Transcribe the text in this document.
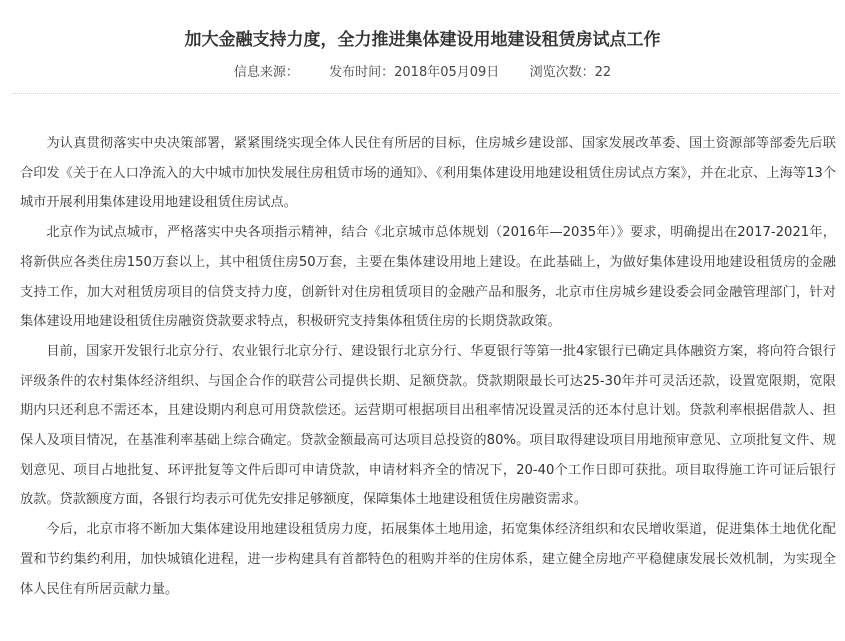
加大金融支持力度，全力推进集体建设用地建设租赁房试点工作
信息来源： 发布时间：2018年05月09日 浏览次数：22

为认真贯彻落实中央决策部署，紧紧围绕实现全体人民住有所居的目标，住房城乡建设部、国家发展改革委、国土资源部等部委先后联合印发《关于在人口净流入的大中城市加快发展住房租赁市场的通知》、《利用集体建设用地建设租赁住房试点方案》，并在北京、上海等13个城市开展利用集体建设用地建设租赁住房试点。

北京作为试点城市，严格落实中央各项指示精神，结合《北京城市总体规划（2016年—2035年）》要求，明确提出在2017-2021年，将新供应各类住房150万套以上，其中租赁住房50万套，主要在集体建设用地上建设。在此基础上，为做好集体建设用地建设租赁房的金融支持工作，加大对租赁房项目的信贷支持力度，创新针对住房租赁项目的金融产品和服务，北京市住房城乡建设委会同金融管理部门，针对集体建设用地建设租赁住房融资贷款要求特点，积极研究支持集体租赁住房的长期贷款政策。

目前，国家开发银行北京分行、农业银行北京分行、建设银行北京分行、华夏银行等第一批4家银行已确定具体融资方案，将向符合银行评级条件的农村集体经济组织、与国企合作的联营公司提供长期、足额贷款。贷款期限最长可达25-30年并可灵活还款，设置宽限期，宽限期内只还利息不需还本，且建设期内利息可用贷款偿还。运营期可根据项目出租率情况设置灵活的还本付息计划。贷款利率根据借款人、担保人及项目情况，在基准利率基础上综合确定。贷款金额最高可达项目总投资的80%。项目取得建设项目用地预审意见、立项批复文件、规划意见、项目占地批复、环评批复等文件后即可申请贷款，申请材料齐全的情况下，20-40个工作日即可获批。项目取得施工许可证后银行放款。贷款额度方面，各银行均表示可优先安排足够额度，保障集体土地建设租赁住房融资需求。

今后，北京市将不断加大集体建设用地建设租赁房力度，拓展集体土地用途，拓宽集体经济组织和农民增收渠道，促进集体土地优化配置和节约集约利用，加快城镇化进程，进一步构建具有首都特色的租购并举的住房体系，建立健全房地产平稳健康发展长效机制，为实现全体人民住有所居贡献力量。
